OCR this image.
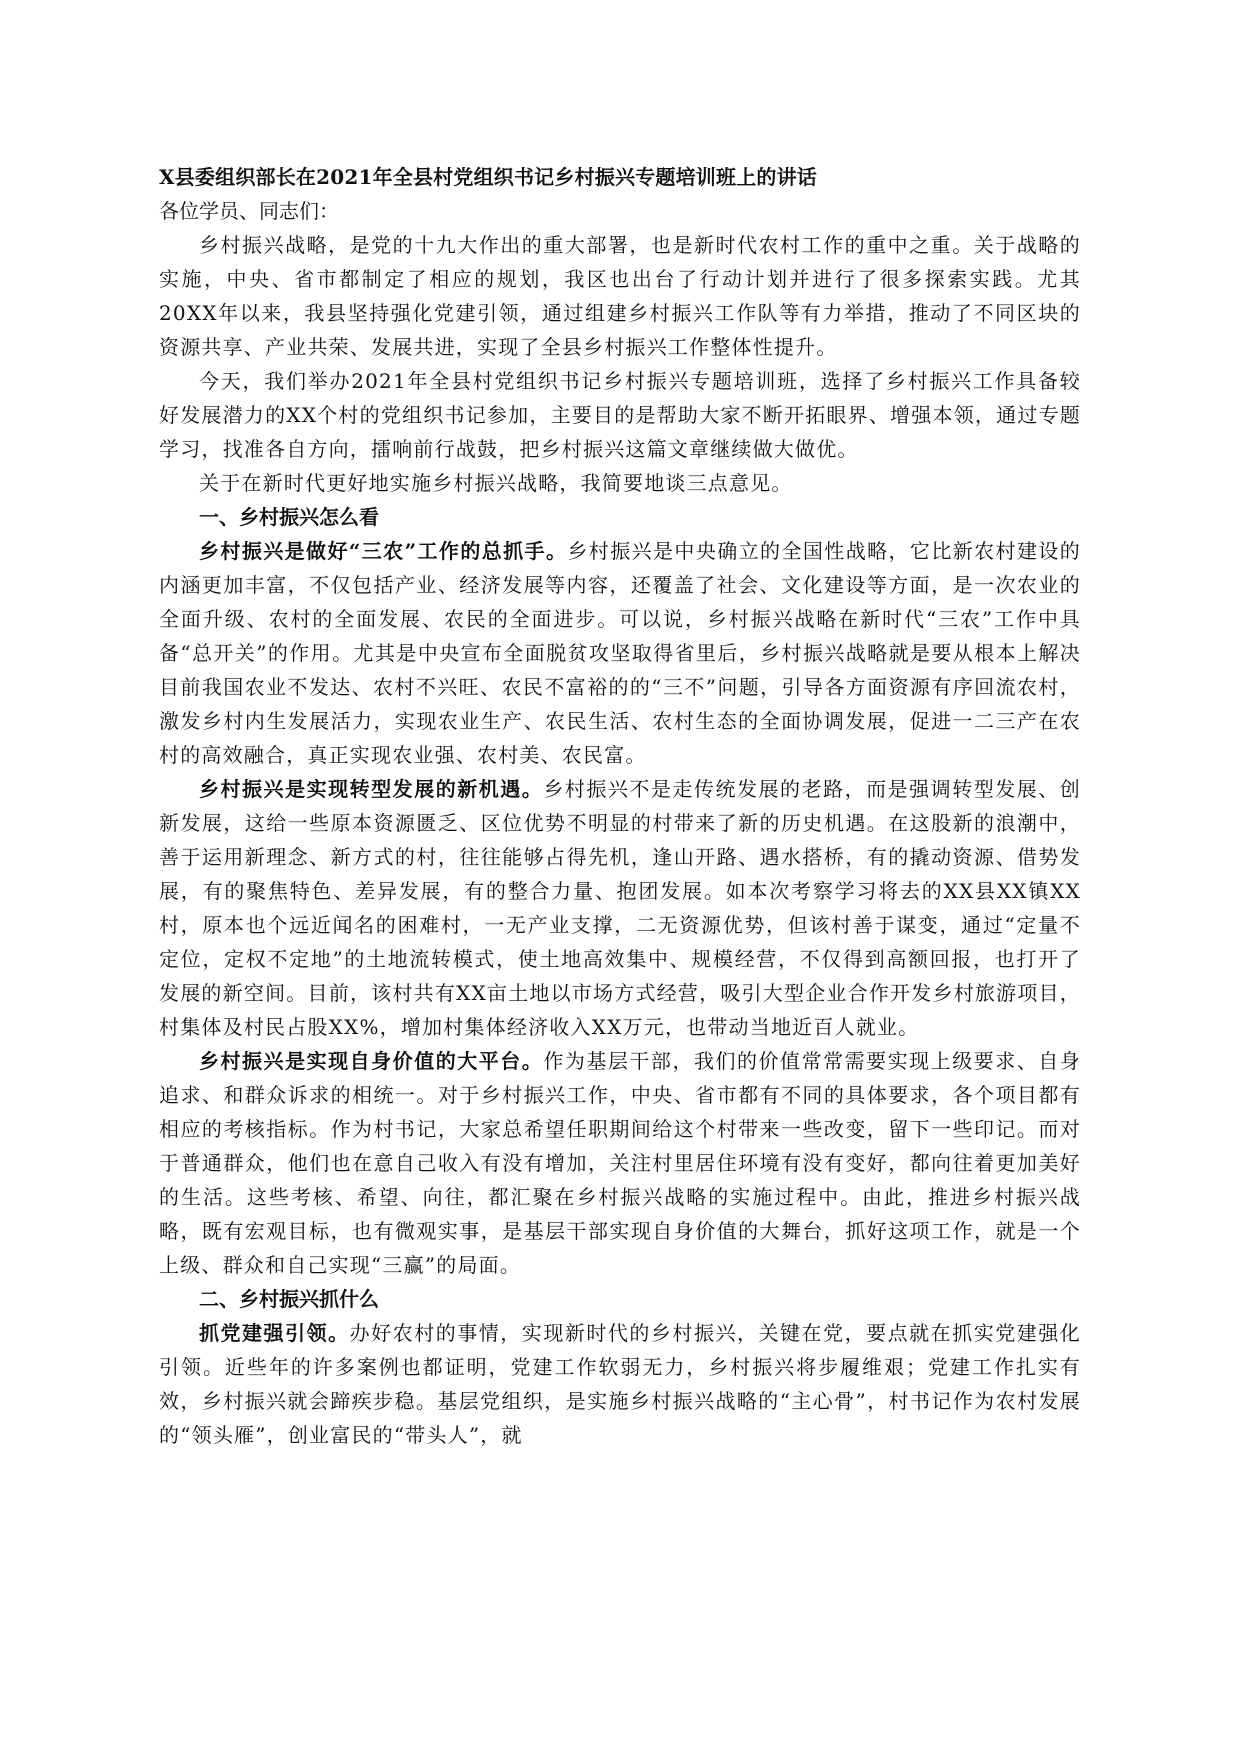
X县委组织部长在2021年全县村党组织书记乡村振兴专题培训班上的讲话

各位学员、同志们：

乡村振兴战略，是党的十九大作出的重大部署，也是新时代农村工作的重中之重。关于战略的实施，中央、省市都制定了相应的规划，我区也出台了行动计划并进行了很多探索实践。尤其20XX年以来，我县坚持强化党建引领，通过组建乡村振兴工作队等有力举措，推动了不同区块的资源共享、产业共荣、发展共进，实现了全县乡村振兴工作整体性提升。

今天，我们举办2021年全县村党组织书记乡村振兴专题培训班，选择了乡村振兴工作具备较好发展潜力的XX个村的党组织书记参加，主要目的是帮助大家不断开拓眼界、增强本领，通过专题学习，找准各自方向，擂响前行战鼓，把乡村振兴这篇文章继续做大做优。

关于在新时代更好地实施乡村振兴战略，我简要地谈三点意见。

一、乡村振兴怎么看

乡村振兴是做好“三农”工作的总抓手。乡村振兴是中央确立的全国性战略，它比新农村建设的内涵更加丰富，不仅包括产业、经济发展等内容，还覆盖了社会、文化建设等方面，是一次农业的全面升级、农村的全面发展、农民的全面进步。可以说，乡村振兴战略在新时代“三农”工作中具备“总开关”的作用。尤其是中央宣布全面脱贫攻坚取得省里后，乡村振兴战略就是要从根本上解决目前我国农业不发达、农村不兴旺、农民不富裕的的“三不”问题，引导各方面资源有序回流农村，激发乡村内生发展活力，实现农业生产、农民生活、农村生态的全面协调发展，促进一二三产在农村的高效融合，真正实现农业强、农村美、农民富。

乡村振兴是实现转型发展的新机遇。乡村振兴不是走传统发展的老路，而是强调转型发展、创新发展，这给一些原本资源匮乏、区位优势不明显的村带来了新的历史机遇。在这股新的浪潮中，善于运用新理念、新方式的村，往往能够占得先机，逢山开路、遇水搭桥，有的撬动资源、借势发展，有的聚焦特色、差异发展，有的整合力量、抱团发展。如本次考察学习将去的XX县XX镇XX村，原本也个远近闻名的困难村，一无产业支撑，二无资源优势，但该村善于谋变，通过“定量不定位，定权不定地”的土地流转模式，使土地高效集中、规模经营，不仅得到高额回报，也打开了发展的新空间。目前，该村共有XX亩土地以市场方式经营，吸引大型企业合作开发乡村旅游项目，村集体及村民占股XX%，增加村集体经济收入XX万元，也带动当地近百人就业。

乡村振兴是实现自身价值的大平台。作为基层干部，我们的价值常常需要实现上级要求、自身追求、和群众诉求的相统一。对于乡村振兴工作，中央、省市都有不同的具体要求，各个项目都有相应的考核指标。作为村书记，大家总希望任职期间给这个村带来一些改变，留下一些印记。而对于普通群众，他们也在意自己收入有没有增加，关注村里居住环境有没有变好，都向往着更加美好的生活。这些考核、希望、向往，都汇聚在乡村振兴战略的实施过程中。由此，推进乡村振兴战略，既有宏观目标，也有微观实事，是基层干部实现自身价值的大舞台，抓好这项工作，就是一个上级、群众和自己实现“三赢”的局面。

二、乡村振兴抓什么

抓党建强引领。办好农村的事情，实现新时代的乡村振兴，关键在党，要点就在抓实党建强化引领。近些年的许多案例也都证明，党建工作软弱无力，乡村振兴将步履维艰；党建工作扎实有效，乡村振兴就会蹄疾步稳。基层党组织，是实施乡村振兴战略的“主心骨”，村书记作为农村发展的“领头雁”，创业富民的“带头人”，就
